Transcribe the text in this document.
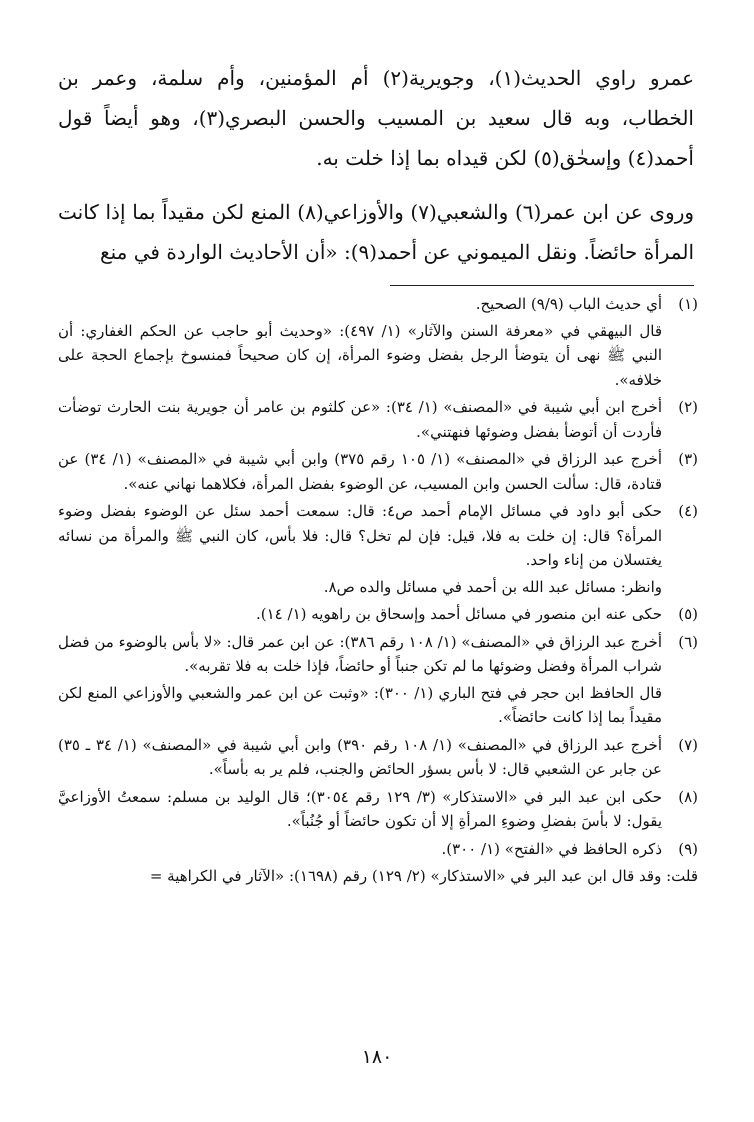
عمرو راوي الحديث(١)، وجويرية(٢) أم المؤمنين، وأم سلمة، وعمر بن الخطاب، وبه قال سعيد بن المسيب والحسن البصري(٣)، وهو أيضاً قول أحمد(٤) وإسحٰق(٥) لكن قيداه بما إذا خلت به.

وروى عن ابن عمر(٦) والشعبي(٧) والأوزاعي(٨) المنع لكن مقيداً بما إذا كانت المرأة حائضاً. ونقل الميموني عن أحمد(٩): «أن الأحاديث الواردة في منع

(١)
أي حديث الباب (٩/٩) الصحيح.
قال البيهقي في «معرفة السنن والآثار» (١/ ٤٩٧): «وحديث أبو حاجب عن الحكم الغفاري: أن النبي ﷺ نهى أن يتوضأ الرجل بفضل وضوء المرأة، إن كان صحيحاً فمنسوخ بإجماع الحجة على خلافه».
(٢)
أخرج ابن أبي شيبة في «المصنف» (١/ ٣٤): «عن كلثوم بن عامر أن جويرية بنت الحارث توضأت فأردت أن أتوضأ بفضل وضوئها فنهتني».
(٣)
أخرج عبد الرزاق في «المصنف» (١/ ١٠٥ رقم ٣٧٥) وابن أبي شيبة في «المصنف» (١/ ٣٤) عن قتادة، قال: سألت الحسن وابن المسيب، عن الوضوء بفضل المرأة، فكلاهما نهاني عنه».
(٤)
حكى أبو داود في مسائل الإمام أحمد ص٤: قال: سمعت أحمد سئل عن الوضوء بفضل وضوء المرأة؟ قال: إن خلت به فلا، قيل: فإن لم تخل؟ قال: فلا بأس، كان النبي ﷺ والمرأة من نسائه يغتسلان من إناء واحد.
وانظر: مسائل عبد الله بن أحمد في مسائل والده ص٨.
(٥)
حكى عنه ابن منصور في مسائل أحمد وإسحاق بن راهويه (١/ ١٤).
(٦)
أخرج عبد الرزاق في «المصنف» (١/ ١٠٨ رقم ٣٨٦): عن ابن عمر قال: «لا بأس بالوضوء من فضل شراب المرأة وفضل وضوئها ما لم تكن جنباً أو حائضاً، فإذا خلت به فلا تقربه».
قال الحافظ ابن حجر في فتح الباري (١/ ٣٠٠): «وثبت عن ابن عمر والشعبي والأوزاعي المنع لكن مقيداً بما إذا كانت حائضاً».
(٧)
أخرج عبد الرزاق في «المصنف» (١/ ١٠٨ رقم ٣٩٠) وابن أبي شيبة في «المصنف» (١/ ٣٤ ـ ٣٥) عن جابر عن الشعبي قال: لا بأس بسؤر الحائض والجنب، فلم ير به بأساً».
(٨)
حكى ابن عبد البر في «الاستذكار» (٣/ ١٢٩ رقم ٣٠٥٤)؛ قال الوليد بن مسلم: سمعتُ الأوزاعيَّ يقول: لا بأسَ بفضلِ وضوءِ المرأةِ إلا أن تكون حائضاً أو جُنُباً».
(٩)
ذكره الحافظ في «الفتح» (١/ ٣٠٠).
قلت: وقد قال ابن عبد البر في «الاستذكار» (٢/ ١٢٩) رقم (١٦٩٨): «الآثار في الكراهية =
١٨٠
